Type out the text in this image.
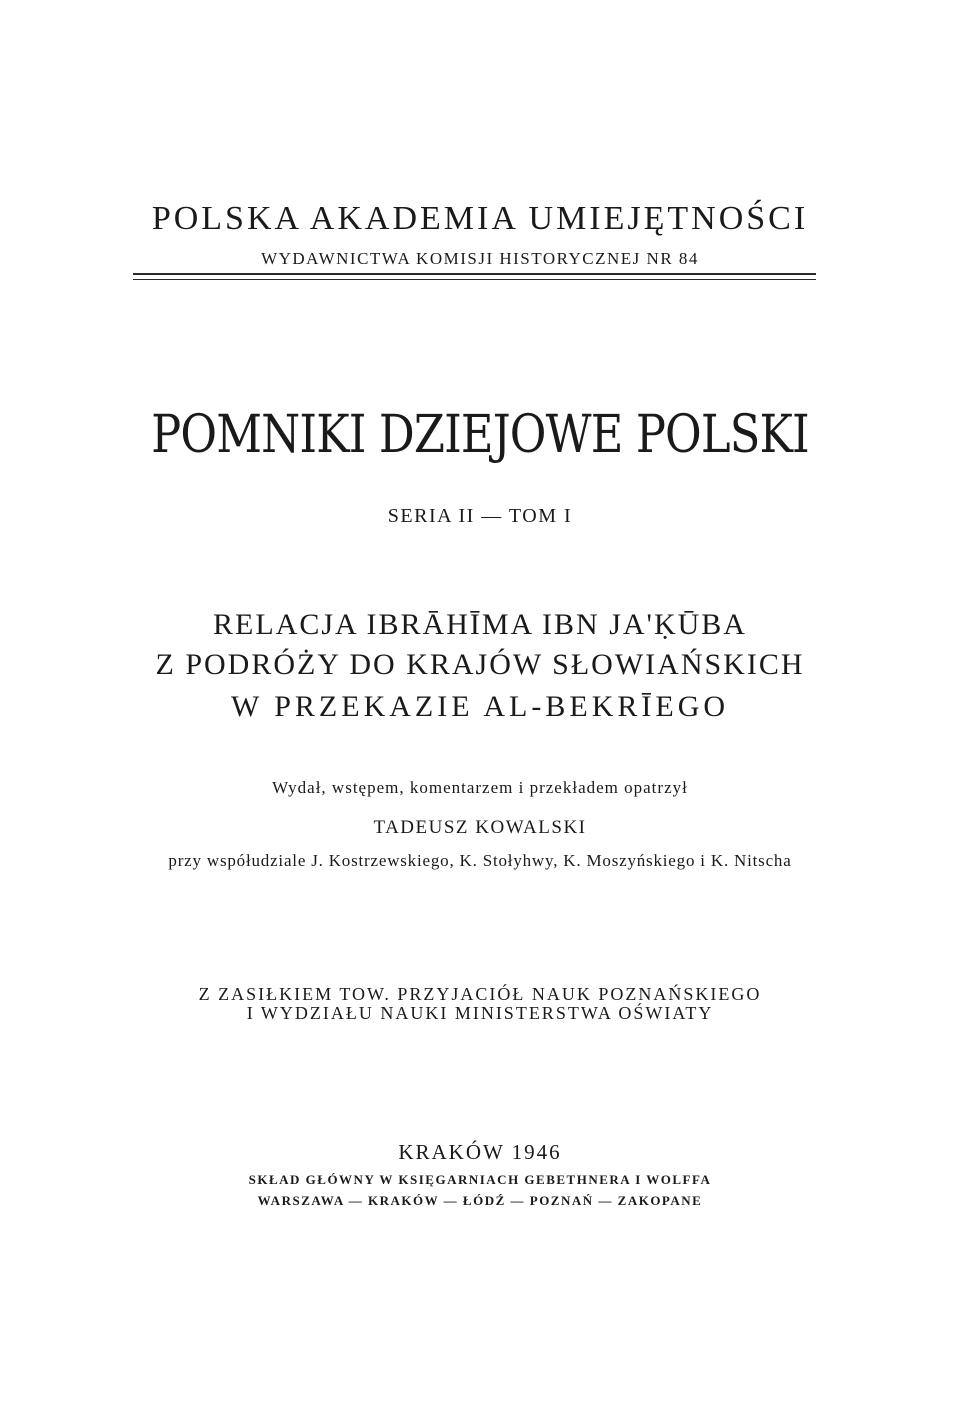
POLSKA AKADEMIA UMIEJĘTNOŚCI
WYDAWNICTWA KOMISJI HISTORYCZNEJ NR 84
POMNIKI DZIEJOWE POLSKI
SERIA II — TOM I
RELACJA IBRĀHĪMA IBN JA'ḲŪBA
Z PODRÓŻY DO KRAJÓW SŁOWIAŃSKICH
W PRZEKAZIE AL-BEKRĪEGO
Wydał, wstępem, komentarzem i przekładem opatrzył
TADEUSZ KOWALSKI
przy współudziale J. Kostrzewskiego, K. Stołyhwy, K. Moszyńskiego i K. Nitscha
Z ZASIŁKIEM TOW. PRZYJACIÓŁ NAUK POZNAŃSKIEGO
I WYDZIAŁU NAUKI MINISTERSTWA OŚWIATY
KRAKÓW 1946
SKŁAD GŁÓWNY W KSIĘGARNIACH GEBETHNERA I WOLFFA
WARSZAWA — KRAKÓW — ŁÓDŹ — POZNAŃ — ZAKOPANE
